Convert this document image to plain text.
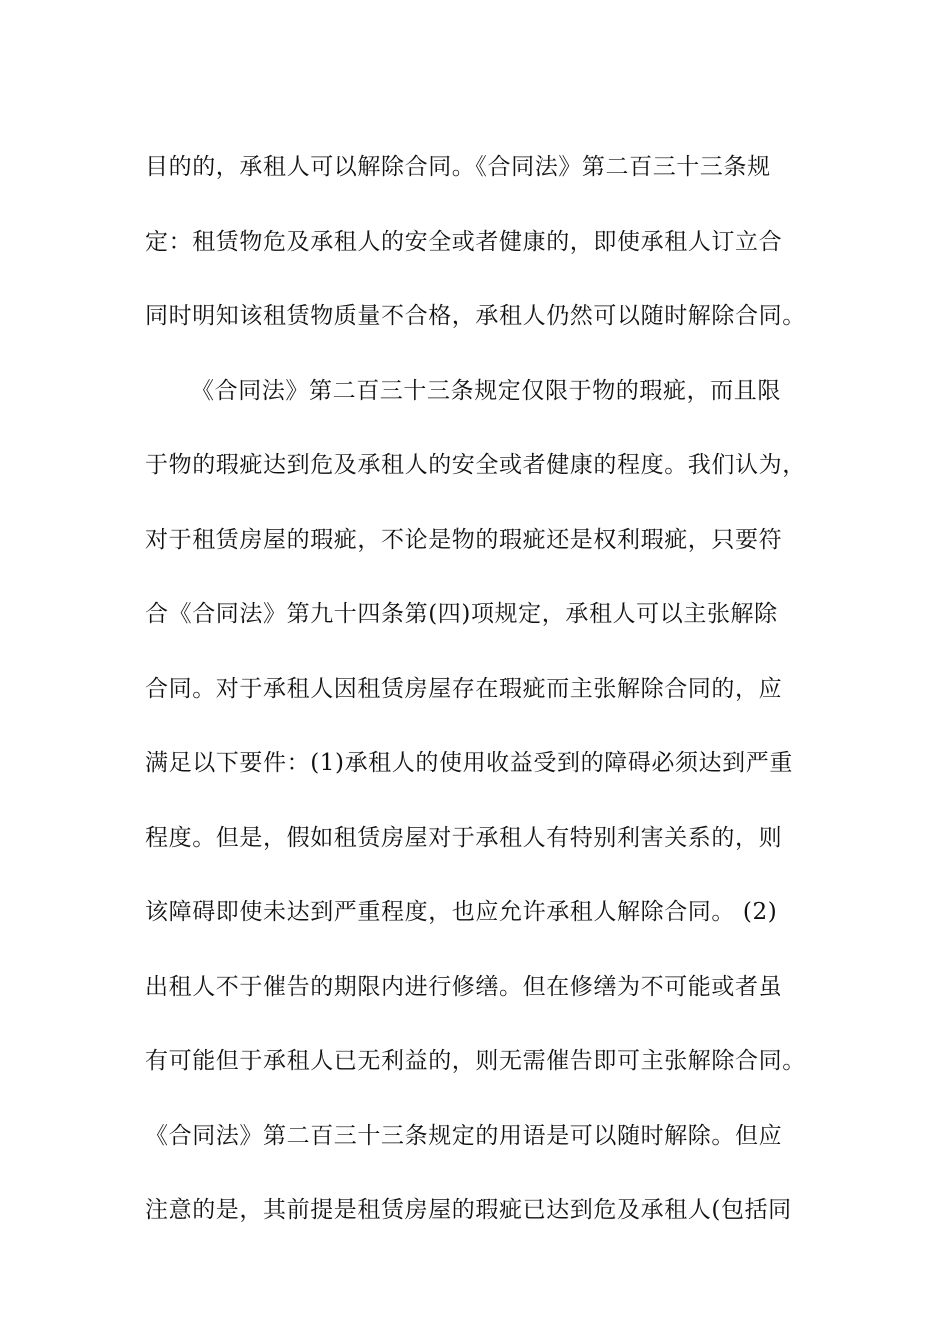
目的的，承租人可以解除合同。《合同法》第二百三十三条规
定：租赁物危及承租人的安全或者健康的，即使承租人订立合
同时明知该租赁物质量不合格，承租人仍然可以随时解除合同。
《合同法》第二百三十三条规定仅限于物的瑕疵，而且限
于物的瑕疵达到危及承租人的安全或者健康的程度。我们认为，
对于租赁房屋的瑕疵，不论是物的瑕疵还是权利瑕疵，只要符
合《合同法》第九十四条第(四)项规定，承租人可以主张解除
合同。对于承租人因租赁房屋存在瑕疵而主张解除合同的，应
满足以下要件：(1)承租人的使用收益受到的障碍必须达到严重
程度。但是，假如租赁房屋对于承租人有特别利害关系的，则
该障碍即使未达到严重程度，也应允许承租人解除合同。 (2)
出租人不于催告的期限内进行修缮。但在修缮为不可能或者虽
有可能但于承租人已无利益的，则无需催告即可主张解除合同。
《合同法》第二百三十三条规定的用语是可以随时解除。但应
注意的是，其前提是租赁房屋的瑕疵已达到危及承租人(包括同
